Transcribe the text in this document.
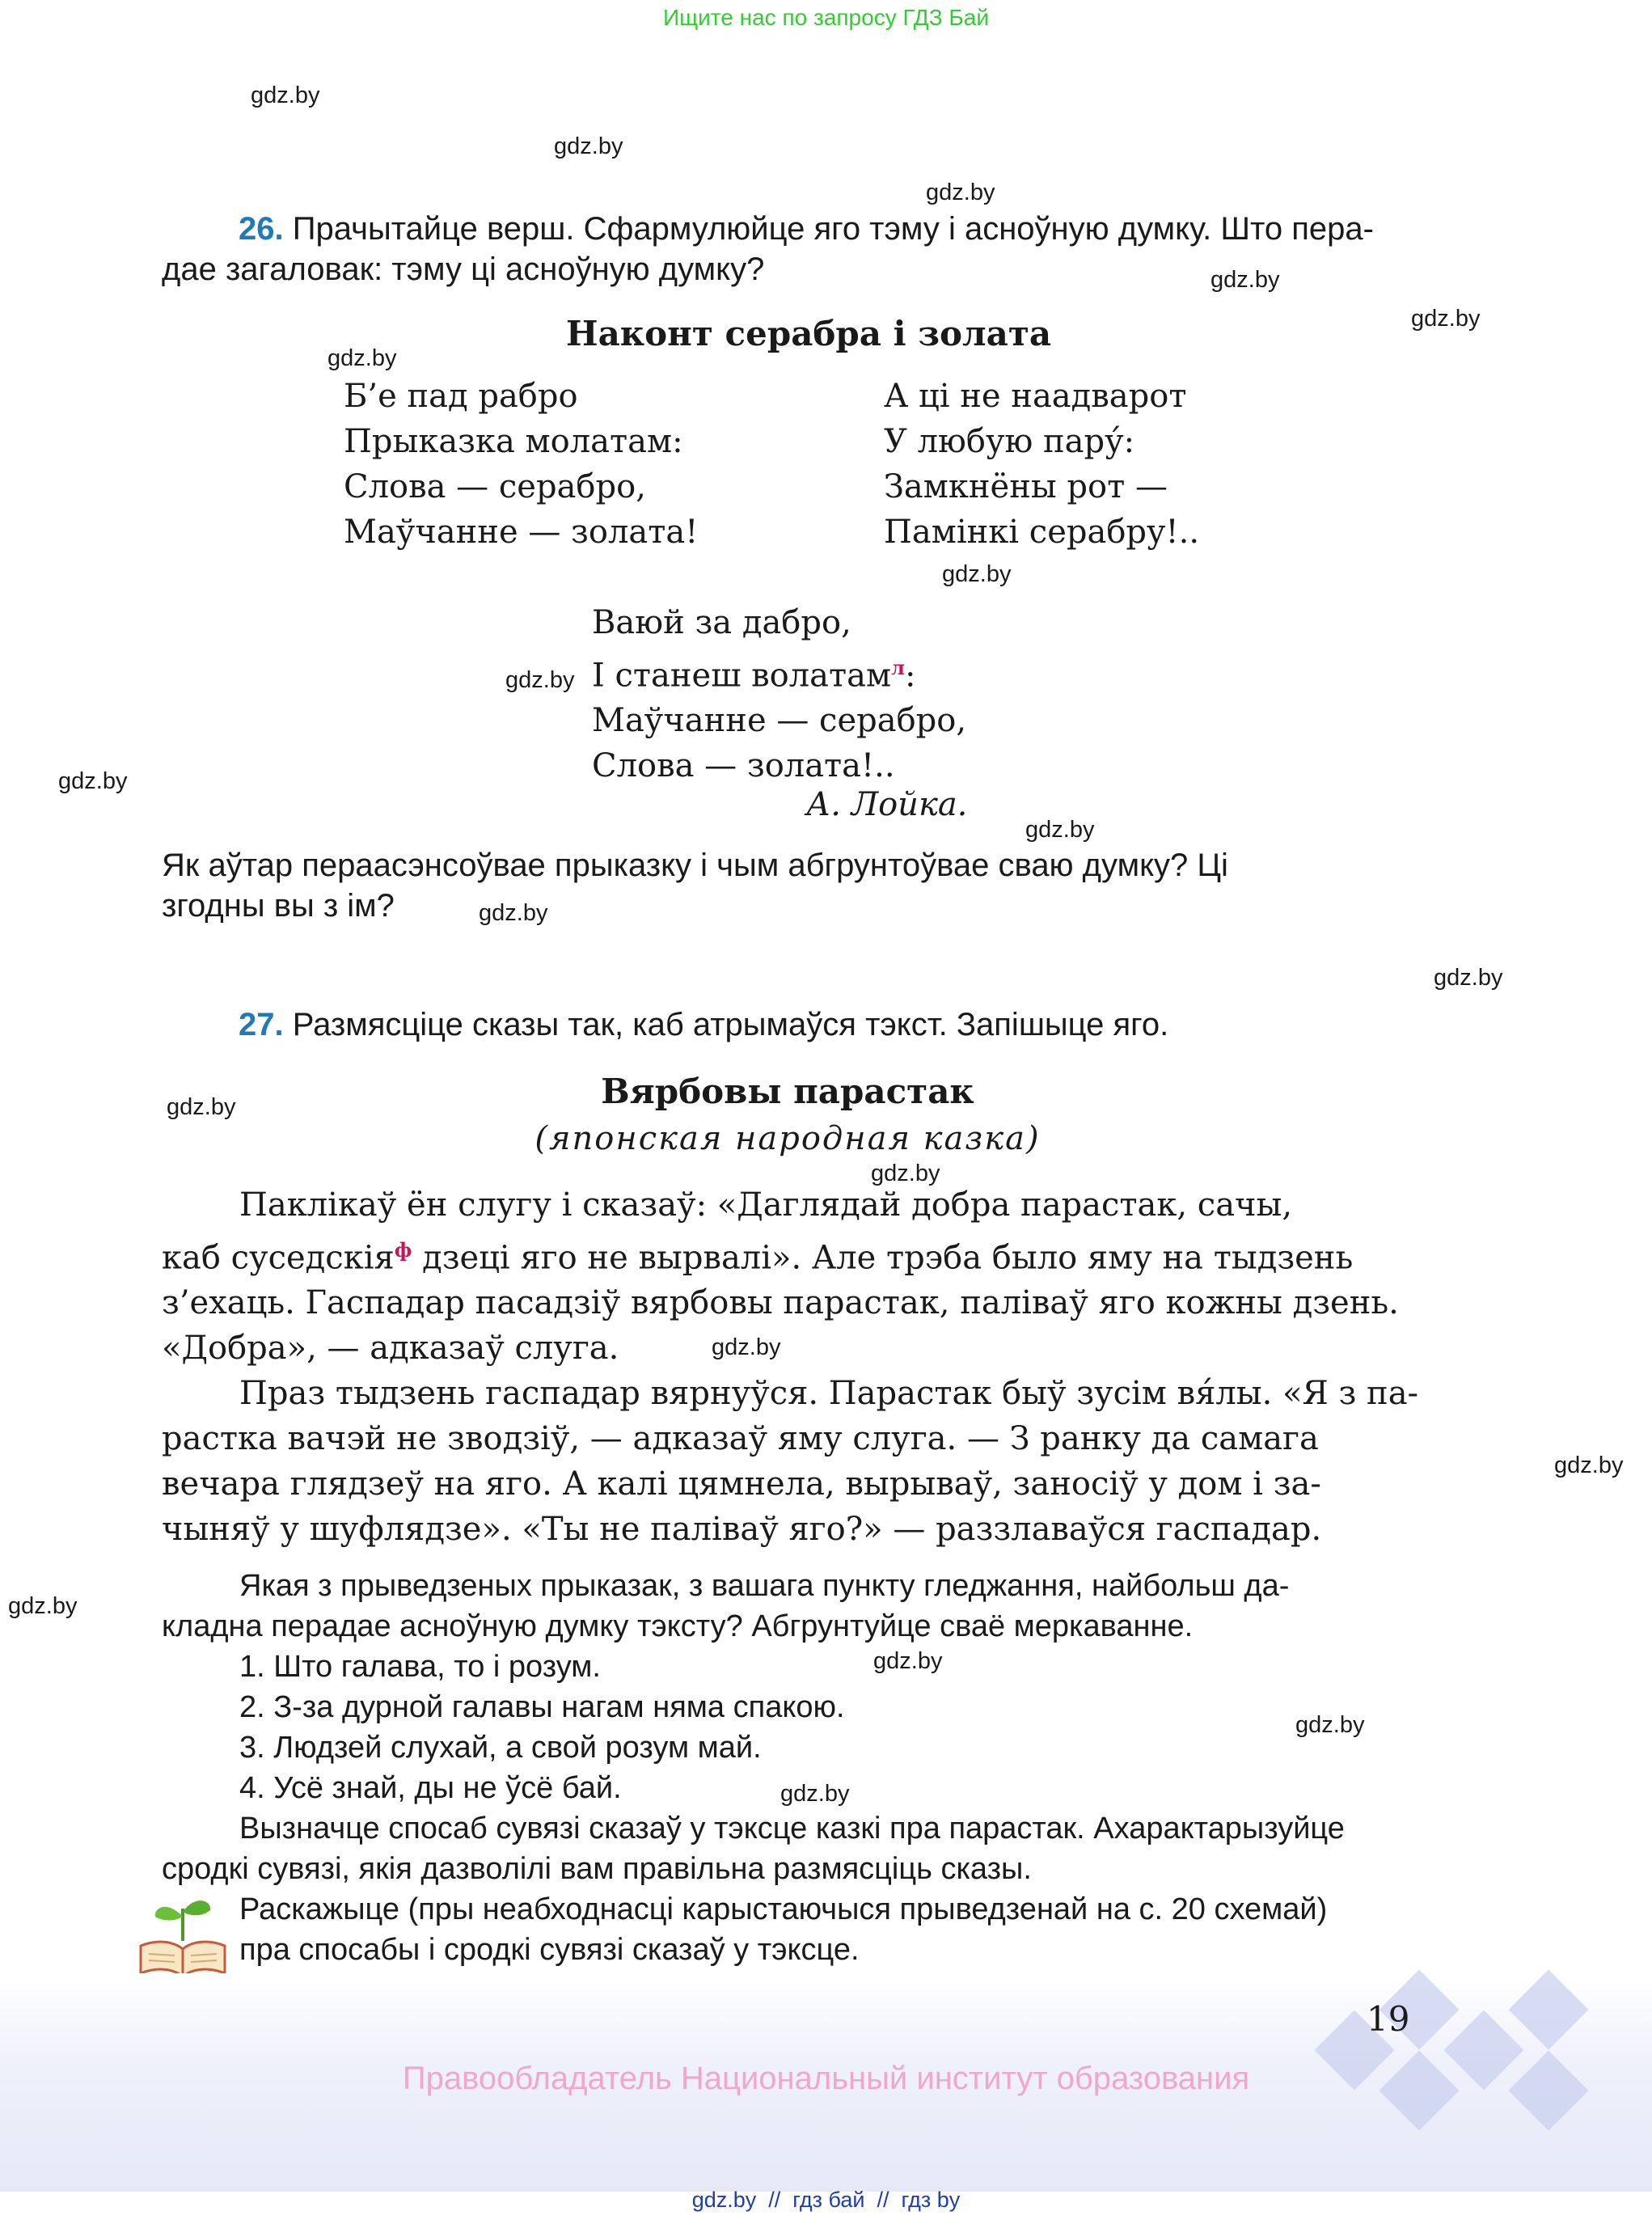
Ищите нас по запросу ГДЗ Бай
gdz.by
gdz.by
gdz.by
gdz.by
gdz.by
gdz.by
gdz.by
gdz.by
gdz.by
gdz.by
gdz.by
gdz.by
gdz.by
gdz.by
gdz.by
gdz.by
gdz.by
gdz.by
gdz.by
gdz.by
26. Прачытайце верш. Сфармулюйце яго тэму і асноўную думку. Што пера-
дае загаловак: тэму ці асноўную думку?
Наконт серабра і золата
Б’е пад рабро
Прыказка молатам:
Слова — серабро,
Маўчанне — золата!
А ці не наадварот
У любую пару́:
Замкнёны рот —
Памінкі серабру!..
Ваюй за дабро,
І станеш волатам$^л$:
Маўчанне — серабро,
Слова — золата!..
А. Лойка.
Як аўтар пераасэнсоўвае прыказку і чым абгрунтоўвае сваю думку? Ці
згодны вы з ім?
27. Размясціце сказы так, каб атрымаўся тэкст. Запішыце яго.
Вярбовы парастак
(японская народная казка)
Паклікаў ён слугу і сказаў: «Даглядай добра парастак, сачы,
каб суседскія$^ф$ дзеці яго не вырвалі». Але трэба было яму на тыдзень
з’ехаць. Гаспадар пасадзіў вярбовы парастак, палівaў яго кожны дзень.
«Добра», — адказаў слуга.
Праз тыдзень гаспадар вярнуўся. Парастак быў зусім вя́лы. «Я з па-
растка вачэй не зводзіў, — адказаў яму слуга. — З ранку да самага
вечара глядзеў на яго. А калі цямнела, вырываў, заносіў у дом і за-
чыняў у шуфлядзе». «Ты не палівaў яго?» — раззлаваўся гаспадар.
Якая з прыведзеных прыказак, з вашага пункту гледжання, найбольш да-
кладна перадае асноўную думку тэксту? Абгрунтуйце сваё меркаванне.
1. Што галава, то і розум.
2. З-за дурной галавы нагам няма спакою.
3. Людзей слухай, а свой розум май.
4. Усё знай, ды не ўсё бай.
Вызначце спосаб сувязі сказаў у тэксце казкі пра парастак. Ахарактарызуйце
сродкі сувязі, якія дазволілі вам правільна размясціць сказы.
Раскажыце (пры неабходнасці карыстаючыся прыведзенай на с. 20 схемай)
пра спосабы і сродкі сувязі сказаў у тэксце.
19
Правообладатель Национальный институт образования
gdz.by  //  гдз бай  //  гдз by
